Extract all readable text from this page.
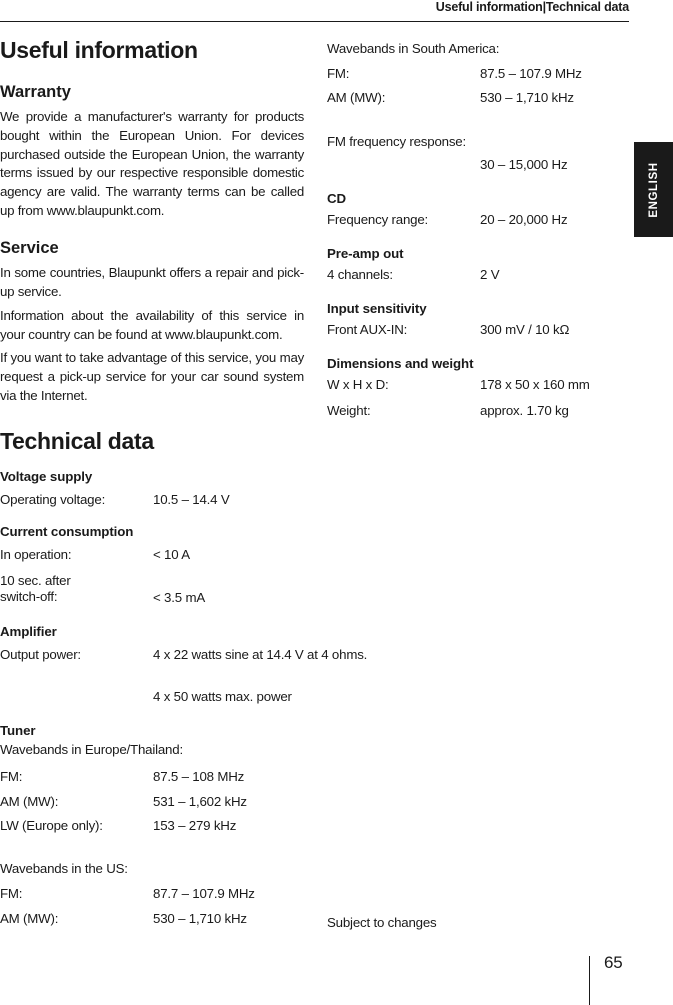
Useful information|Technical data
ENGLISH
Useful information
Warranty
We provide a manufacturer's warranty for products bought within the European Union. For devices purchased outside the European Union, the warranty terms issued by our respective responsible domestic agency are valid. The warranty terms can be called up from www.blaupunkt.com.
Service
In some countries, Blaupunkt offers a repair and pick-up service.
Information about the availability of this service in your country can be found at www.blaupunkt.com.
If you want to take advantage of this service, you may request a pick-up service for your car sound system via the Internet.
Technical data
Voltage supply
Operating voltage:	10.5 – 14.4 V
Current consumption
In operation:	< 10 A
10 sec. after
switch-off:	< 3.5 mA
Amplifier
Output power:	4 x 22 watts sine at 14.4 V at 4 ohms.
4 x 50 watts max. power
Tuner
Wavebands in Europe/Thailand:
FM:	87.5 – 108 MHz
AM (MW):	531 – 1,602 kHz
LW (Europe only):	153 – 279 kHz
Wavebands in the US:
FM:	87.7 – 107.9 MHz
AM (MW):	530 – 1,710 kHz
Wavebands in South America:
FM:	87.5 – 107.9 MHz
AM (MW):	530 – 1,710 kHz
FM frequency response:
30 – 15,000 Hz
CD
Frequency range:	20 – 20,000 Hz
Pre-amp out
4 channels:	2 V
Input sensitivity
Front AUX-IN:	300 mV / 10 kΩ
Dimensions and weight
W x H x D:	178 x 50 x 160 mm
Weight:	approx. 1.70 kg
Subject to changes
65
